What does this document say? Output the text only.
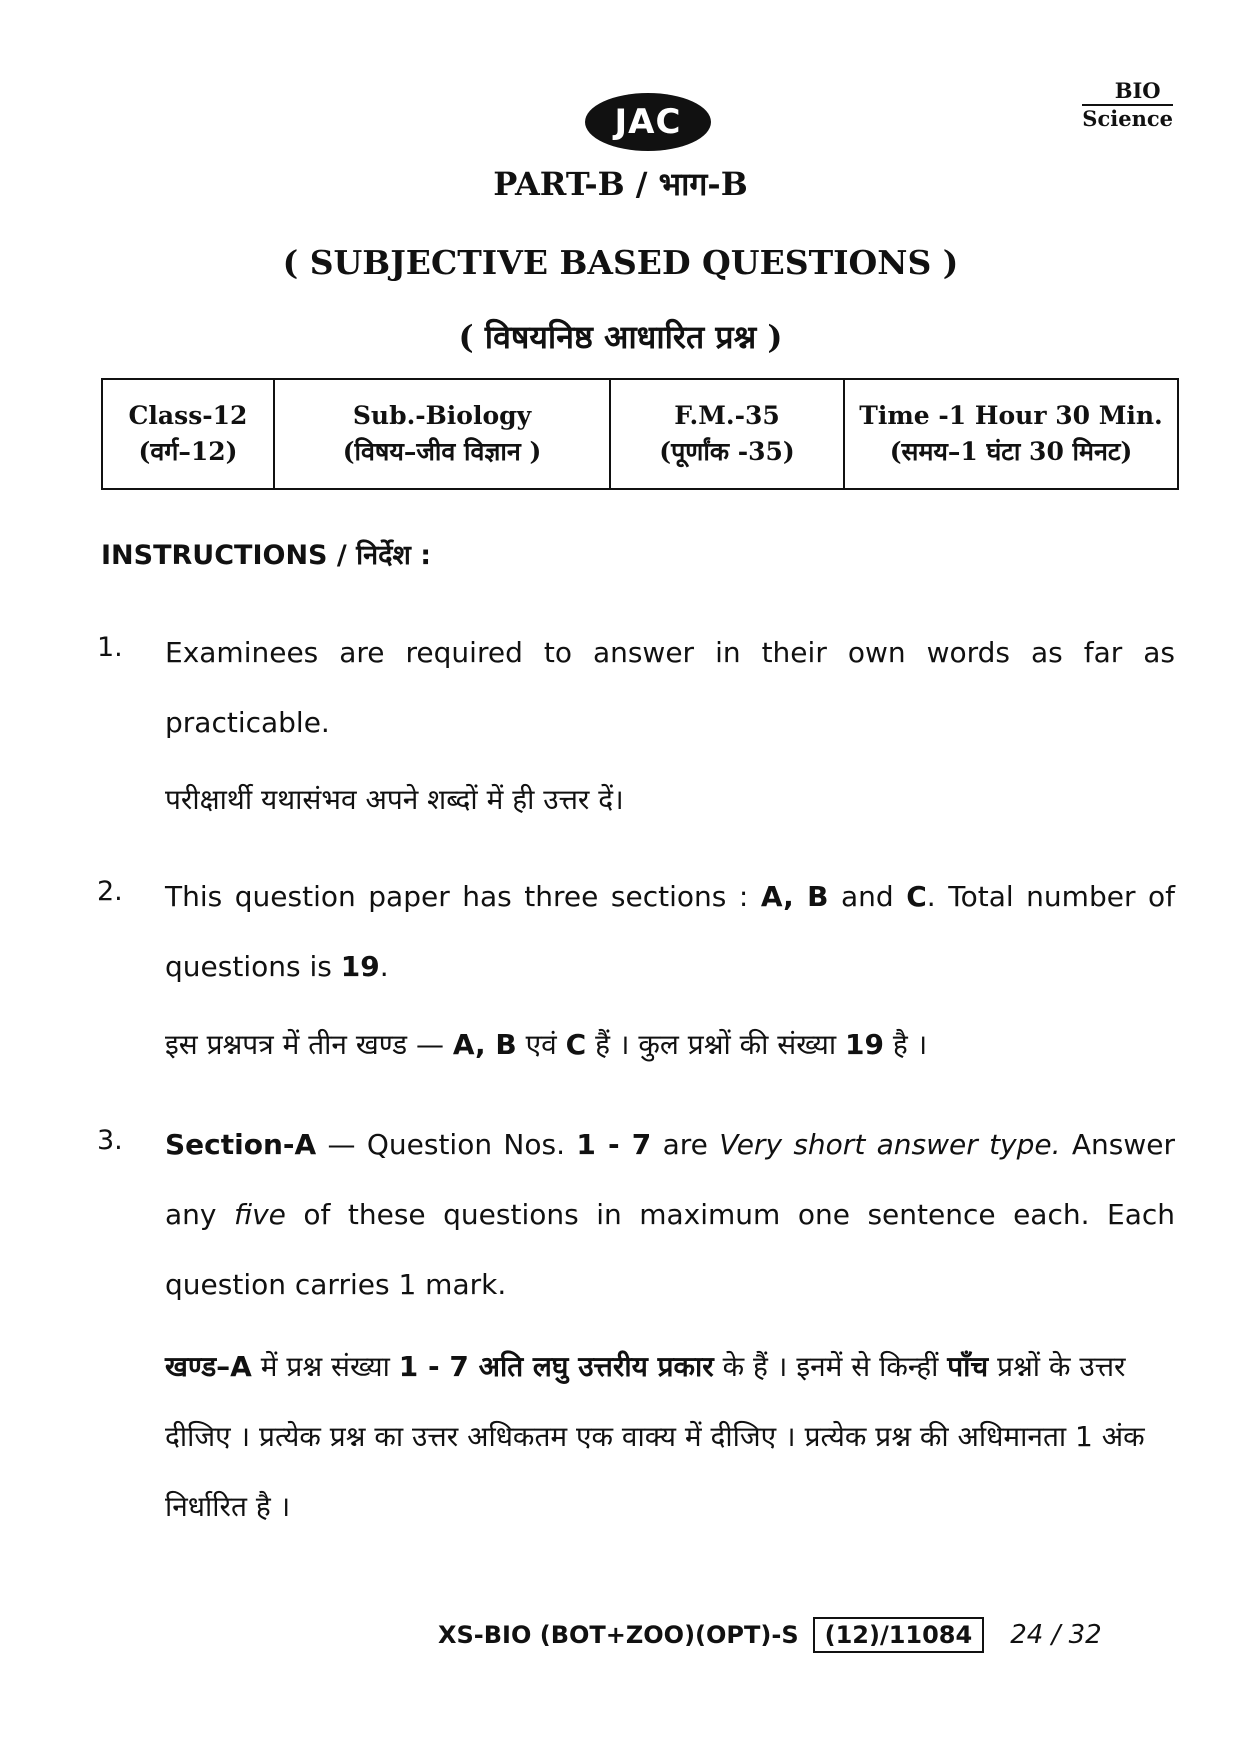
JAC
BIO
Science
PART-B / भाग-B
( SUBJECTIVE BASED QUESTIONS )
( विषयनिष्ठ आधारित प्रश्न )
Class-12
(वर्ग–12)

Sub.-Biology
(विषय–जीव विज्ञान )

F.M.-35
(पूर्णांक -35)

Time -1 Hour 30 Min.
(समय–1 घंटा 30 मिनट)
INSTRUCTIONS / निर्देश :
1. Examinees are required to answer in their own words as far as practicable.
परीक्षार्थी यथासंभव अपने शब्दों में ही उत्तर दें।
2. This question paper has three sections : A, B and C. Total number of questions is 19.
इस प्रश्नपत्र में तीन खण्ड — A, B एवं C हैं । कुल प्रश्नों की संख्या 19 है ।
3. Section-A — Question Nos. 1 - 7 are Very short answer type. Answer any five of these questions in maximum one sentence each. Each question carries 1 mark.
खण्ड–A में प्रश्न संख्या 1 - 7 अति लघु उत्तरीय प्रकार के हैं । इनमें से किन्हीं पाँच प्रश्नों के उत्तर दीजिए । प्रत्येक प्रश्न का उत्तर अधिकतम एक वाक्य में दीजिए । प्रत्येक प्रश्न की अधिमानता 1 अंक निर्धारित है ।
XS-BIO (BOT+ZOO)(OPT)-S	(12)/11084	24 / 32
